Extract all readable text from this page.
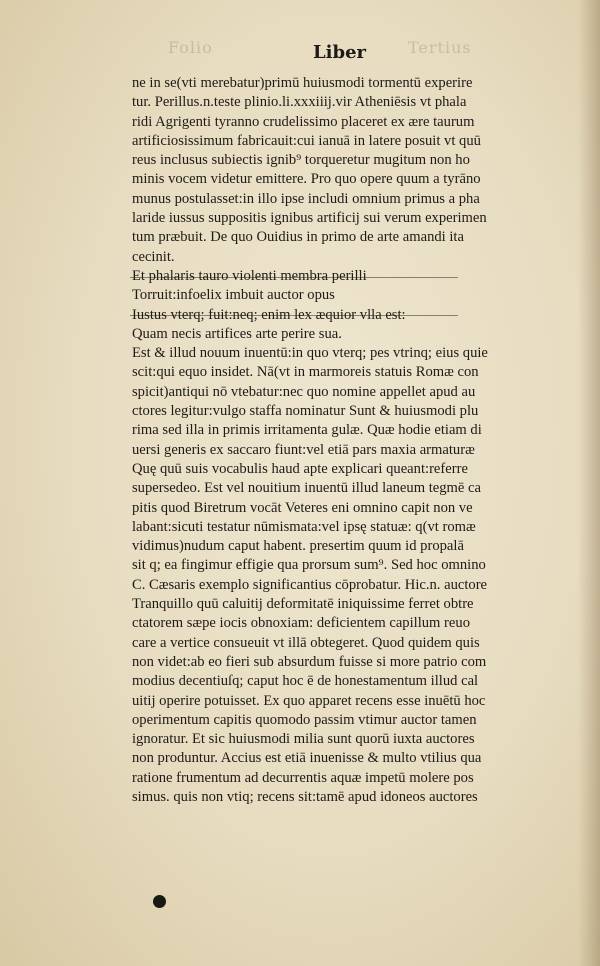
Folio	Tertius
Liber
ne in se(vti merebatur)primū huiusmodi tormentū experire
tur. Perillus.n.teste plinio.li.xxxiiij.vir Atheniēsis vt phala
ridi Agrigenti tyranno crudelissimo placeret ex ære taurum
artificiosissimum fabricauit:cui ianuā in latere posuit vt quū
reus inclusus subiectis ignib⁹ torqueretur mugitum non ho
minis vocem videtur emittere. Pro quo opere quum a tyrāno
munus postulasset:in illo ipse includi omnium primus a pha
laride iussus suppositis ignibus artificij sui verum experimen
tum præbuit. De quo Ouidius in primo de arte amandi ita
cecinit.
Et phalaris tauro violenti membra perilli
Torruit:infoelix imbuit auctor opus
Iustus vterq; fuit:neq; enim lex æquior vlla est:
Quam necis artifices arte perire sua.
Est & illud nouum inuentū:in quo vterq; pes vtrinq; eius quie
scit:qui equo insidet. Nā(vt in marmoreis statuis Romæ con
spicit)antiqui nō vtebatur:nec quo nomine appellet apud au
ctores legitur:vulgo staffa nominatur Sunt & huiusmodi plu
rima sed illa in primis irritamenta gulæ. Quæ hodie etiam di
uersi generis ex saccaro fiunt:vel etiā pars maxia armaturæ
Quę quū suis vocabulis haud apte explicari queant:referre
supersedeo. Est vel nouitium inuentū illud laneum tegmē ca
pitis quod Biretrum vocāt Veteres eni omnino capit non ve
labant:sicuti testatur nūmismata:vel ipsę statuæ: q(vt romæ
vidimus)nudum caput habent. presertim quum id propalā
sit q; ea fingimur effigie qua prorsum sum⁹. Sed hoc omnino
C. Cæsaris exemplo significantius cōprobatur. Hic.n. auctore
Tranquillo quū caluitij deformitatē iniquissime ferret obtre
ctatorem sæpe iocis obnoxiam: deficientem capillum reuo
care a vertice consueuit vt illā obtegeret. Quod quidem quis
non videt:ab eo fieri sub absurdum fuisse si more patrio com
modius decentiuſq; caput hoc ē de honestamentum illud cal
uitij operire potuisset. Ex quo apparet recens esse inuētū hoc
operimentum capitis quomodo passim vtimur auctor tamen
ignoratur. Et sic huiusmodi milia sunt quorū iuxta auctores
non produntur. Accius est etiā inuenisse & multo vtilius qua
ratione frumentum ad decurrentis aquæ impetū molere pos
simus. quis non vtiq; recens sit:tamē apud idoneos auctores
